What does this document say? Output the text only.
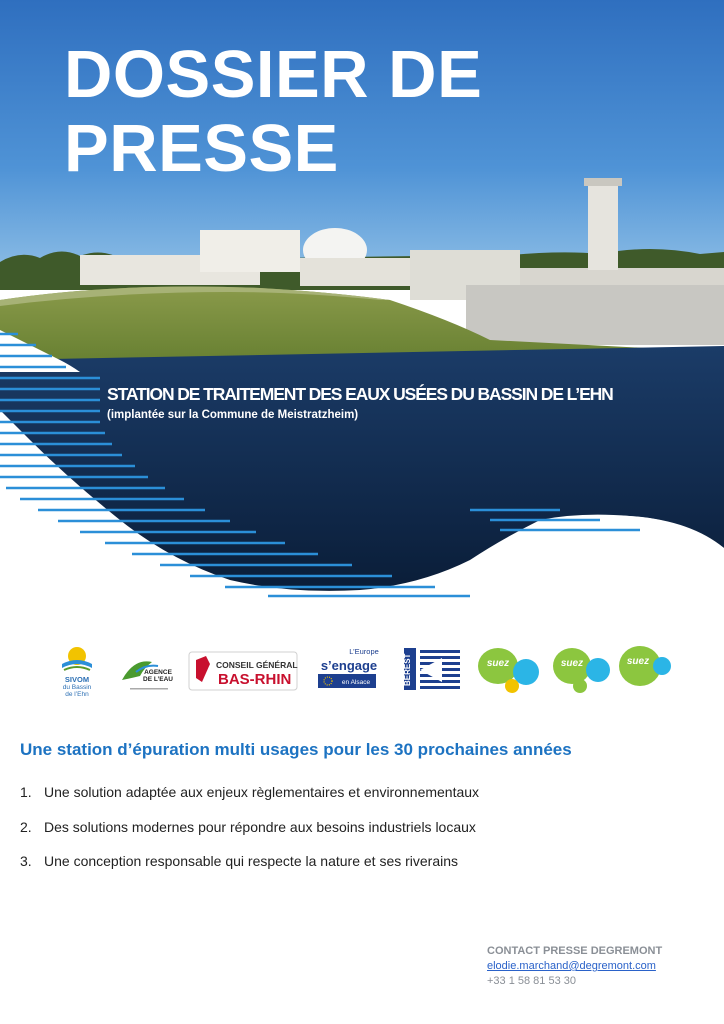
DOSSIER DE
PRESSE
STATION DE TRAITEMENT DES EAUX USÉES DU BASSIN DE L’EHN
(implantée sur la Commune de Meistratzheim)
SIVOM
du Bassin
de l’Ehn
AGENCE
DE L’EAU
CONSEIL GÉNÉRAL
BAS-RHIN
L’Europe
s’engage
en Alsace	BEREST	suez	suez	suez
Une station d’épuration multi usages pour les 30 prochaines années
1. Une solution adaptée aux enjeux règlementaires et environnementaux
2. Des solutions modernes pour répondre aux besoins industriels locaux
3. Une conception responsable qui respecte la nature et ses riverains
CONTACT PRESSE DEGREMONT
elodie.marchand@degremont.com
+33 1 58 81 53 30
